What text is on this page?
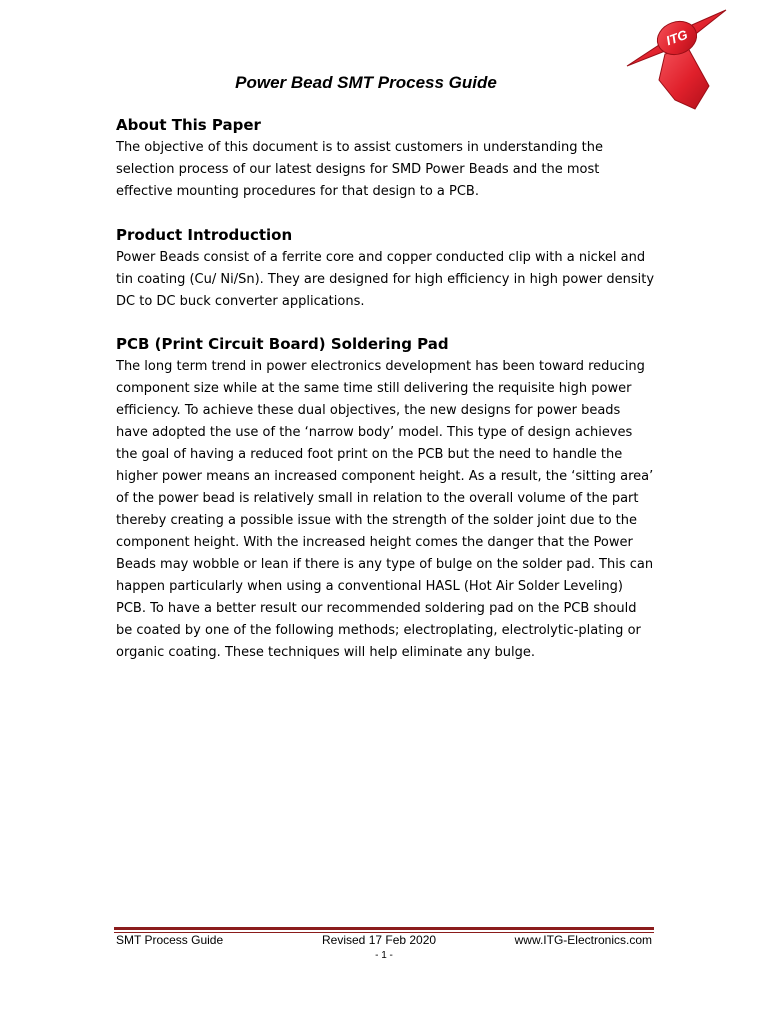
ITG
Power Bead SMT Process Guide
About This Paper

The objective of this document is to assist customers in understanding the selection process of our latest designs for SMD Power Beads and the most effective mounting procedures for that design to a PCB.

Product Introduction

Power Beads consist of a ferrite core and copper conducted clip with a nickel and tin coating (Cu/ Ni/Sn). They are designed for high efficiency in high power density DC to DC buck converter applications.

PCB (Print Circuit Board) Soldering Pad

The long term trend in power electronics development has been toward reducing component size while at the same time still delivering the requisite high power efficiency. To achieve these dual objectives, the new designs for power beads have adopted the use of the ‘narrow body’ model. This type of design achieves the goal of having a reduced foot print on the PCB but the need to handle the higher power means an increased component height. As a result, the ‘sitting area’ of the power bead is relatively small in relation to the overall volume of the part thereby creating a possible issue with the strength of the solder joint due to the component height. With the increased height comes the danger that the Power Beads may wobble or lean if there is any type of bulge on the solder pad. This can happen particularly when using a conventional HASL (Hot Air Solder Leveling) PCB. To have a better result our recommended soldering pad on the PCB should be coated by one of the following methods; electroplating, electrolytic-plating or organic coating. These techniques will help eliminate any bulge.

SMT Process Guide	Revised 17 Feb 2020	www.ITG-Electronics.com
- 1 -
